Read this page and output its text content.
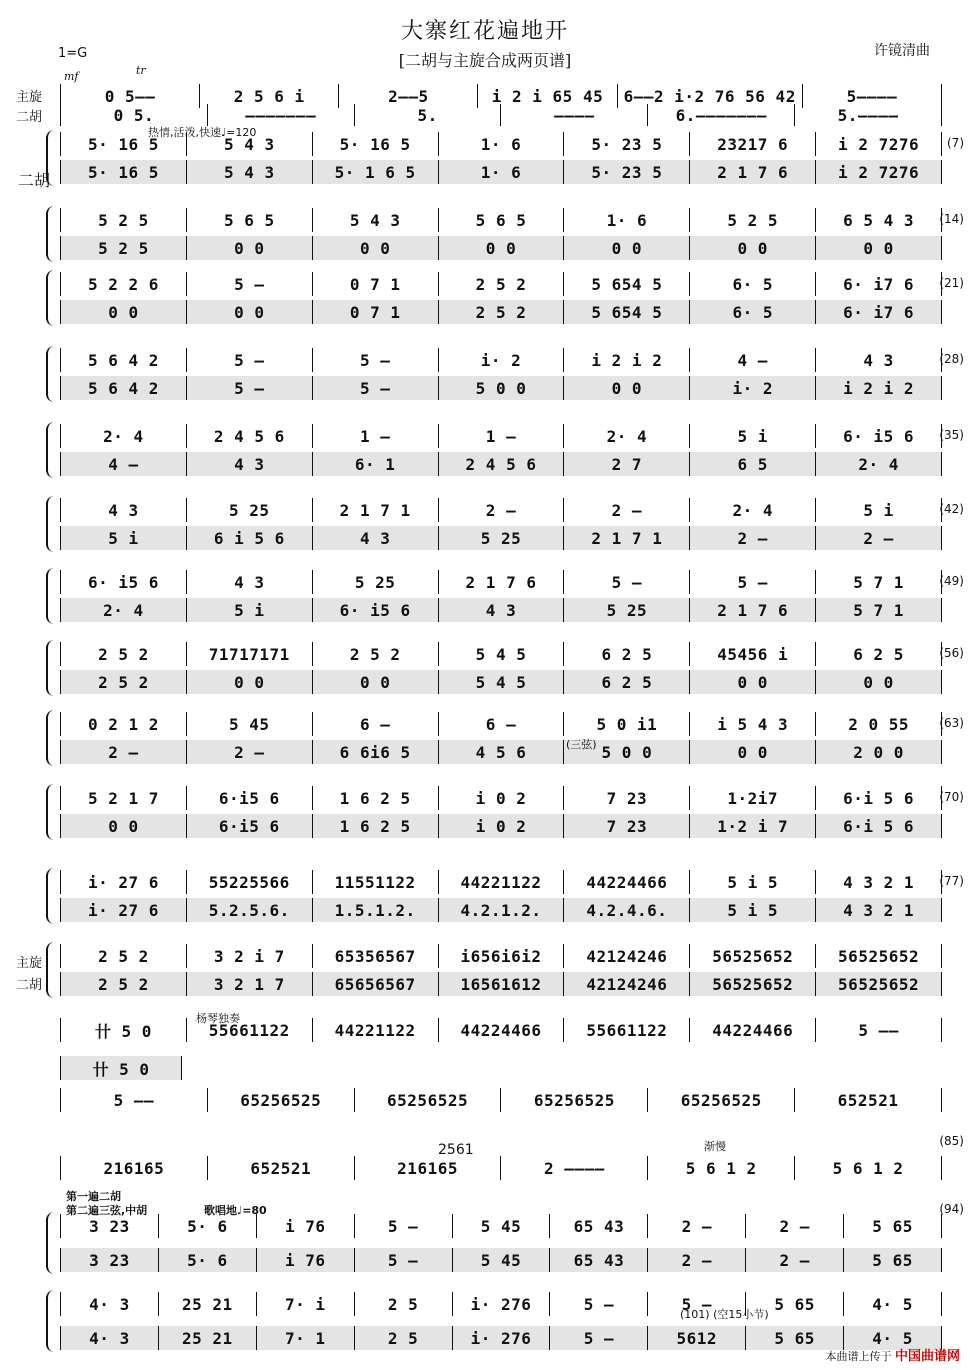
大寨红花遍地开
[二胡与主旋合成两页谱]	许镜清曲
1=G
主旋
二胡
mf	tr
0 5——	2 5 6 i	2——5	i 2 i 65 45	6——2 i·2 76 56 42	5————
0 5.	———————	5.	————	6.———————	5.————
热情,活泼,快速♩=120
二胡
5· 16 5	5 4 3	5· 16 5	1· 6	5· 23 5	23217 6	i 2 7276
5· 16 5	5 4 3	5· 1 6 5	1· 6	5· 23 5	2 1 7 6	i 2 7276
(7)
5 2 5	5 6 5	5 4 3	5 6 5	1· 6	5 2 5	6 5 4 3
5 2 5	0 0	0 0	0 0	0 0	0 0	0 0
(14)
5 2 2 6	5 —	0 7 1	2 5 2	5 654 5	6· 5	6· i7 6
0 0	0 0	0 7 1	2 5 2	5 654 5	6· 5	6· i7 6
(21)
5 6 4 2	5 —	5 —	i· 2	i 2 i 2	4 —	4 3
5 6 4 2	5 —	5 —	5 0 0	0 0	i· 2	i 2 i 2
(28)
2· 4	2 4 5 6	1 —	1 —	2· 4	5 i	6· i5 6
4 —	4 3	6· 1	2 4 5 6	2 7	6 5	2· 4
(35)
4 3	5 25	2 1 7 1	2 —	2 —	2· 4	5 i
5 i	6 i 5 6	4 3	5 25	2 1 7 1	2 —	2 —
(42)
6· i5 6	4 3	5 25	2 1 7 6	5 —	5 —	5 7 1
2· 4	5 i	6· i5 6	4 3	5 25	2 1 7 6	5 7 1
(49)
2 5 2	71717171	2 5 2	5 4 5	6 2 5	45456 i	6 2 5
2 5 2	0 0	0 0	5 4 5	6 2 5	0 0	0 0
(56)
0 2 1 2	5 45	6 —	6 —	5 0 i1	i 5 4 3	2 0 55
2 —	2 —	6 6i6 5	4 5 6	5 0 0	0 0	2 0 0
(63)
5 2 1 7	6·i5 6	1 6 2 5	i 0 2	7 23	1·2i7	6·i 5 6
0 0	6·i5 6	1 6 2 5	i 0 2	7 23	1·2 i 7	6·i 5 6
(70)
i· 27 6	55225566	11551122	44221122	44224466	5 i 5	4 3 2 1
i· 27 6	5.2.5.6.	1.5.1.2.	4.2.1.2.	4.2.4.6.	5 i 5	4 3 2 1
(77)
2 5 2	3 2 i 7	65356567	i656i6i2	42124246	56525652	56525652
2 5 2	3 2 1 7	65656567	16561612	42124246	56525652	56525652
卄 5 0	55661122	44221122	44224466	55661122	44224466	5 ——
卄 5 0
5 ——	65256525	65256525	65256525	65256525	652521
216165	652521	216165	2 ————	5 6 1 2	5 6 1 2
3 23	5· 6	i 76	5 —	5 45	65 43	2 —	2 —	5 65
3 23	5· 6	i 76	5 —	5 45	65 43	2 —	2 —	5 65
(94)
4· 3	25 21	7· i	2 5	i· 276	5 —	5 —	5 65	4· 5
4· 3	25 21	7· 1	2 5	i· 276	5 —	5612	5 65	4· 5
主旋
二胡
杨琴独奏
(三弦)
渐慢
2561
(85)
第一遍二胡
第二遍三弦,中胡	歌唱地♩=80
(101) (空15小节)
本曲谱上传于 中国曲谱网
